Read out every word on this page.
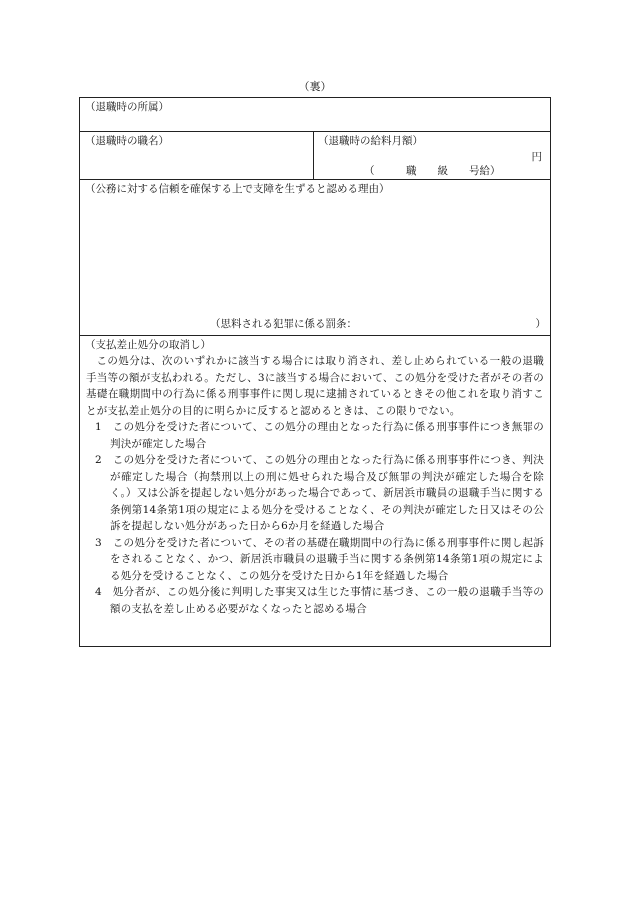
（裏）
（退職時の所属）
（退職時の職名）	（退職時の給料月額）
円
（　　　職　　級　　号給）
（公務に対する信頼を確保する上で支障を生ずると認める理由）
（思料される犯罪に係る罰条：	）
（支払差止処分の取消し）

この処分は、次のいずれかに該当する場合には取り消され、差し止められている一般の退職手当等の額が支払われる。ただし、3に該当する場合において、この処分を受けた者がその者の基礎在職期間中の行為に係る刑事事件に関し現に逮捕されているときその他これを取り消すことが支払差止処分の目的に明らかに反すると認めるときは、この限りでない。

1　この処分を受けた者について、この処分の理由となった行為に係る刑事事件につき無罪の判決が確定した場合

2　この処分を受けた者について、この処分の理由となった行為に係る刑事事件につき、判決が確定した場合（拘禁刑以上の刑に処せられた場合及び無罪の判決が確定した場合を除く。）又は公訴を提起しない処分があった場合であって、新居浜市職員の退職手当に関する条例第14条第1項の規定による処分を受けることなく、その判決が確定した日又はその公訴を提起しない処分があった日から6か月を経過した場合

3　この処分を受けた者について、その者の基礎在職期間中の行為に係る刑事事件に関し起訴をされることなく、かつ、新居浜市職員の退職手当に関する条例第14条第1項の規定による処分を受けることなく、この処分を受けた日から1年を経過した場合

4　処分者が、この処分後に判明した事実又は生じた事情に基づき、この一般の退職手当等の額の支払を差し止める必要がなくなったと認める場合
